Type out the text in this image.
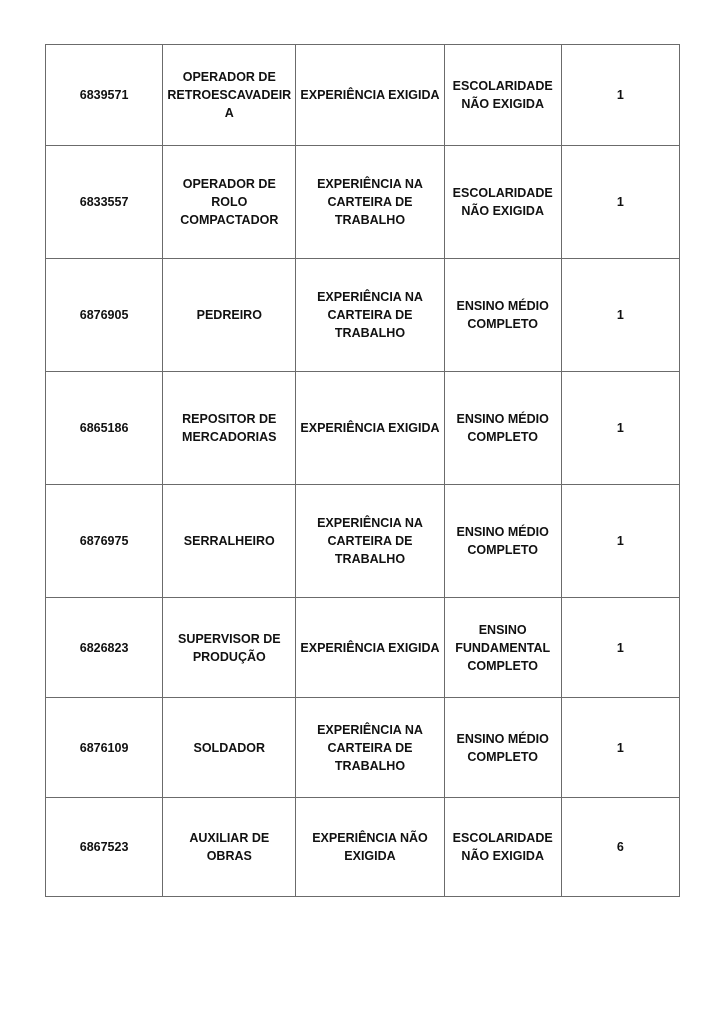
6839571	OPERADOR DE RETROESCAVADEIRA	EXPERIÊNCIA EXIGIDA	ESCOLARIDADE NÃO EXIGIDA	1
6833557	OPERADOR DE ROLO COMPACTADOR	EXPERIÊNCIA NA CARTEIRA DE TRABALHO	ESCOLARIDADE NÃO EXIGIDA	1
6876905	PEDREIRO	EXPERIÊNCIA NA CARTEIRA DE TRABALHO	ENSINO MÉDIO COMPLETO	1
6865186	REPOSITOR DE MERCADORIAS	EXPERIÊNCIA EXIGIDA	ENSINO MÉDIO COMPLETO	1
6876975	SERRALHEIRO	EXPERIÊNCIA NA CARTEIRA DE TRABALHO	ENSINO MÉDIO COMPLETO	1
6826823	SUPERVISOR DE PRODUÇÃO	EXPERIÊNCIA EXIGIDA	ENSINO FUNDAMENTAL COMPLETO	1
6876109	SOLDADOR	EXPERIÊNCIA NA CARTEIRA DE TRABALHO	ENSINO MÉDIO COMPLETO	1
6867523	AUXILIAR DE OBRAS	EXPERIÊNCIA NÃO EXIGIDA	ESCOLARIDADE NÃO EXIGIDA	6
